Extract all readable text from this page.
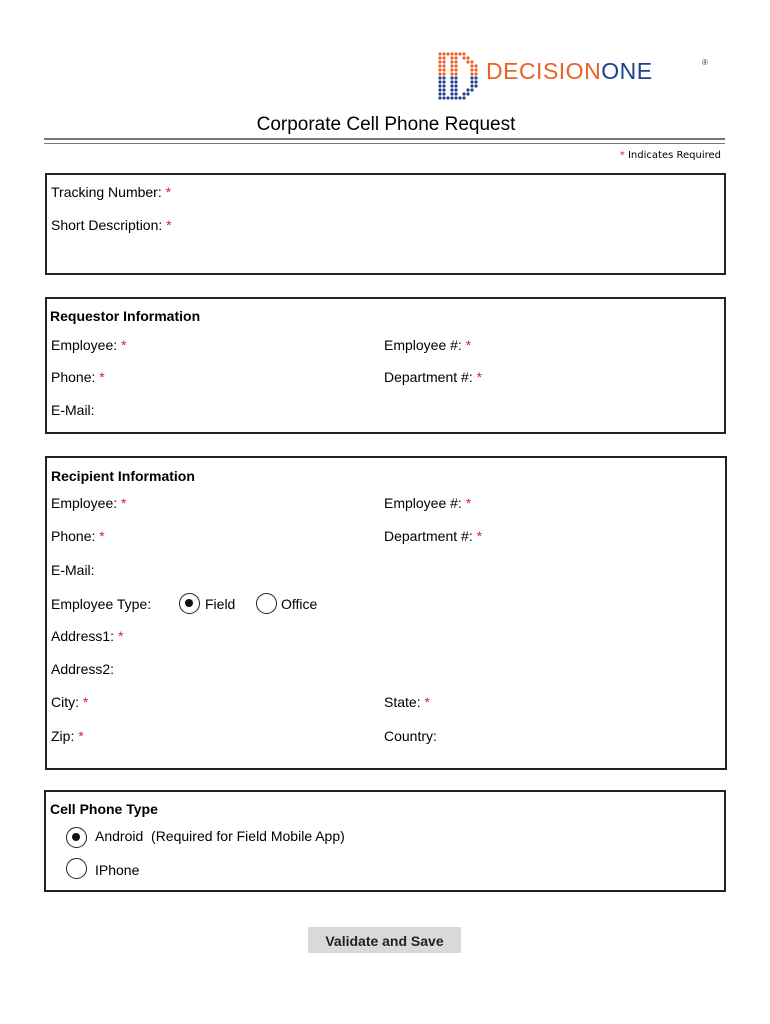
DECISIONONE	®
Corporate Cell Phone Request
* Indicates Required
Tracking Number: *
Short Description: *
Requestor Information
Employee: *	Employee #: *
Phone: *	Department #: *
E-Mail:
Recipient Information
Employee: *	Employee #: *
Phone: *	Department #: *
E-Mail:
Employee Type:	Field	Office
Address1: *
Address2:
City: *	State: *
Zip: *	Country:
Cell Phone Type
Android  (Required for Field Mobile App)
IPhone
Validate and Save
